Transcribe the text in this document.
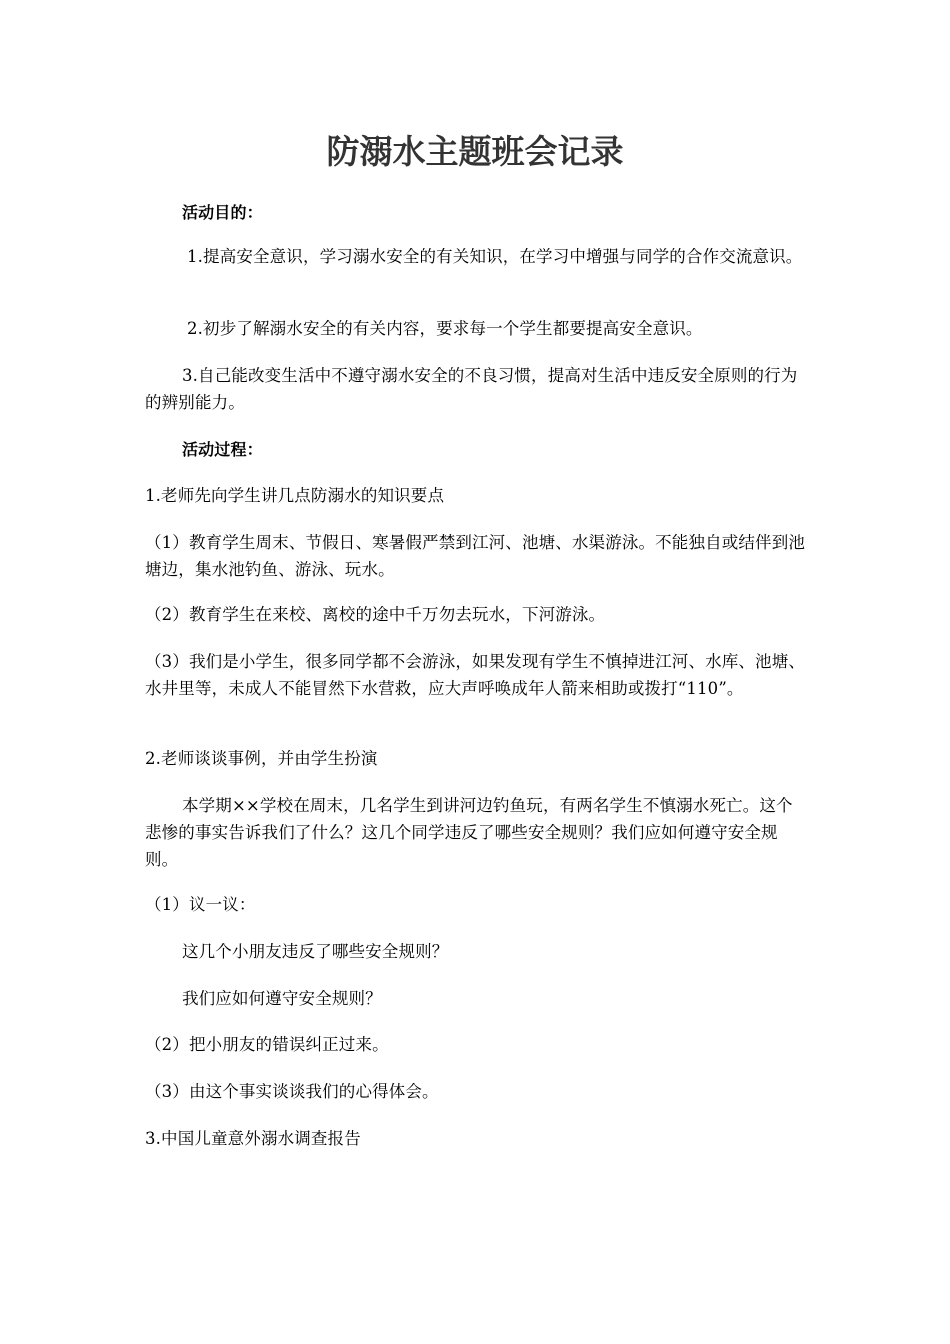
防溺水主题班会记录

活动目的：

1.提高安全意识，学习溺水安全的有关知识，在学习中增强与同学的合作交流意识。

2.初步了解溺水安全的有关内容，要求每一个学生都要提高安全意识。

3.自己能改变生活中不遵守溺水安全的不良习惯，提高对生活中违反安全原则的行为的辨别能力。

活动过程：

1.老师先向学生讲几点防溺水的知识要点

（1）教育学生周末、节假日、寒暑假严禁到江河、池塘、水渠游泳。不能独自或结伴到池塘边，集水池钓鱼、游泳、玩水。

（2）教育学生在来校、离校的途中千万勿去玩水，下河游泳。

（3）我们是小学生，很多同学都不会游泳，如果发现有学生不慎掉进江河、水库、池塘、水井里等，未成人不能冒然下水营救，应大声呼唤成年人箭来相助或拨打“110”。

2.老师谈谈事例，并由学生扮演

本学期××学校在周末，几名学生到讲河边钓鱼玩，有两名学生不慎溺水死亡。这个悲惨的事实告诉我们了什么？这几个同学违反了哪些安全规则？我们应如何遵守安全规则。

（1）议一议：

这几个小朋友违反了哪些安全规则？

我们应如何遵守安全规则？

（2）把小朋友的错误纠正过来。

（3）由这个事实谈谈我们的心得体会。

3.中国儿童意外溺水调查报告
